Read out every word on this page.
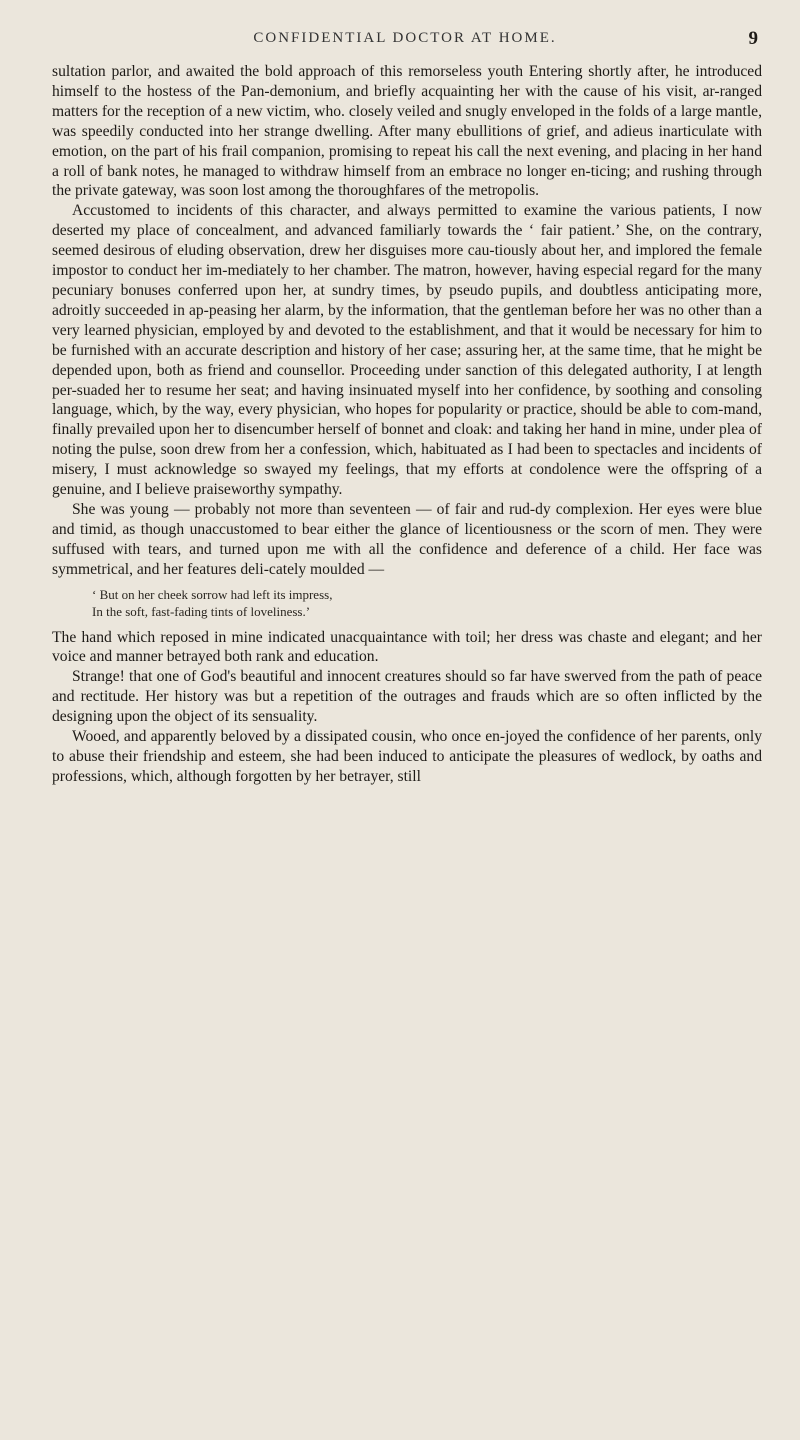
CONFIDENTIAL DOCTOR AT HOME.	9

sultation parlor, and awaited the bold approach of this remorseless youth Entering shortly after, he introduced himself to the hostess of the Pan-demonium, and briefly acquainting her with the cause of his visit, ar-ranged matters for the reception of a new victim, who. closely veiled and snugly enveloped in the folds of a large mantle, was speedily conducted into her strange dwelling. After many ebullitions of grief, and adieus inarticulate with emotion, on the part of his frail companion, promising to repeat his call the next evening, and placing in her hand a roll of bank notes, he managed to withdraw himself from an embrace no longer en-ticing; and rushing through the private gateway, was soon lost among the thoroughfares of the metropolis.

Accustomed to incidents of this character, and always permitted to examine the various patients, I now deserted my place of concealment, and advanced familiarly towards the ‘ fair patient.’ She, on the contrary, seemed desirous of eluding observation, drew her disguises more cau-tiously about her, and implored the female impostor to conduct her im-mediately to her chamber. The matron, however, having especial regard for the many pecuniary bonuses conferred upon her, at sundry times, by pseudo pupils, and doubtless anticipating more, adroitly succeeded in ap-peasing her alarm, by the information, that the gentleman before her was no other than a very learned physician, employed by and devoted to the establishment, and that it would be necessary for him to be furnished with an accurate description and history of her case; assuring her, at the same time, that he might be depended upon, both as friend and counsellor. Proceeding under sanction of this delegated authority, I at length per-suaded her to resume her seat; and having insinuated myself into her confidence, by soothing and consoling language, which, by the way, every physician, who hopes for popularity or practice, should be able to com-mand, finally prevailed upon her to disencumber herself of bonnet and cloak: and taking her hand in mine, under plea of noting the pulse, soon drew from her a confession, which, habituated as I had been to spectacles and incidents of misery, I must acknowledge so swayed my feelings, that my efforts at condolence were the offspring of a genuine, and I believe praiseworthy sympathy.

She was young — probably not more than seventeen — of fair and rud-dy complexion. Her eyes were blue and timid, as though unaccustomed to bear either the glance of licentiousness or the scorn of men. They were suffused with tears, and turned upon me with all the confidence and deference of a child. Her face was symmetrical, and her features deli-cately moulded —

‘ But on her cheek sorrow had left its impress,
In the soft, fast-fading tints of loveliness.’

The hand which reposed in mine indicated unacquaintance with toil; her dress was chaste and elegant; and her voice and manner betrayed both rank and education.

Strange! that one of God's beautiful and innocent creatures should so far have swerved from the path of peace and rectitude. Her history was but a repetition of the outrages and frauds which are so often inflicted by the designing upon the object of its sensuality.

Wooed, and apparently beloved by a dissipated cousin, who once en-joyed the confidence of her parents, only to abuse their friendship and esteem, she had been induced to anticipate the pleasures of wedlock, by oaths and professions, which, although forgotten by her betrayer, still
